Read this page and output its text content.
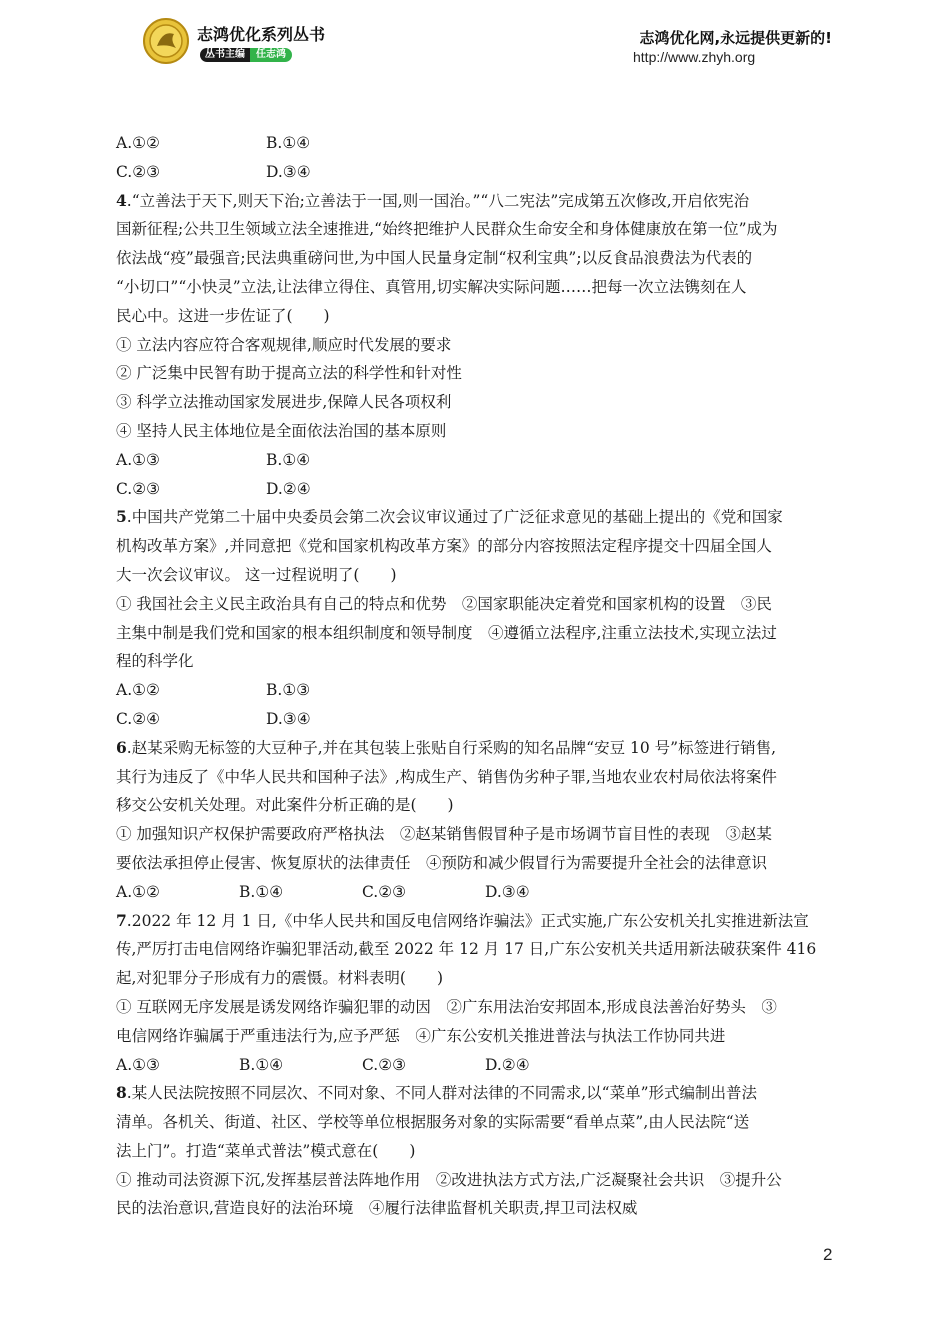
志鸿优化系列丛书
丛书主编	任志鸿
志鸿优化网,永远提供更新的!
http://www.zhyh.org
A.①②	B.①④
C.②③	D.③④

4.“立善法于天下,则天下治;立善法于一国,则一国治。”“八二宪法”完成第五次修改,开启依宪治

国新征程;公共卫生领域立法全速推进,“始终把维护人民群众生命安全和身体健康放在第一位”成为

依法战“疫”最强音;民法典重磅问世,为中国人民量身定制“权利宝典”;以反食品浪费法为代表的

“小切口”“小快灵”立法,让法律立得住、真管用,切实解决实际问题……把每一次立法镌刻在人

民心中。这进一步佐证了(　　)

① 立法内容应符合客观规律,顺应时代发展的要求

② 广泛集中民智有助于提高立法的科学性和针对性

③ 科学立法推动国家发展进步,保障人民各项权利

④ 坚持人民主体地位是全面依法治国的基本原则

A.①③	B.①④
C.②③	D.②④

5.中国共产党第二十届中央委员会第二次会议审议通过了广泛征求意见的基础上提出的《党和国家

机构改革方案》,并同意把《党和国家机构改革方案》的部分内容按照法定程序提交十四届全国人

大一次会议审议。 这一过程说明了(　　)

① 我国社会主义民主政治具有自己的特点和优势　②国家职能决定着党和国家机构的设置　③民

主集中制是我们党和国家的根本组织制度和领导制度　④遵循立法程序,注重立法技术,实现立法过

程的科学化

A.①②	B.①③
C.②④	D.③④

6.赵某采购无标签的大豆种子,并在其包装上张贴自行采购的知名品牌“安豆 10 号”标签进行销售,

其行为违反了《中华人民共和国种子法》,构成生产、销售伪劣种子罪,当地农业农村局依法将案件

移交公安机关处理。对此案件分析正确的是(　　)

① 加强知识产权保护需要政府严格执法　②赵某销售假冒种子是市场调节盲目性的表现　③赵某

要依法承担停止侵害、恢复原状的法律责任　④预防和减少假冒行为需要提升全社会的法律意识

A.①②	B.①④	C.②③	D.③④

7.2022 年 12 月 1 日,《中华人民共和国反电信网络诈骗法》正式实施,广东公安机关扎实推进新法宣

传,严厉打击电信网络诈骗犯罪活动,截至 2022 年 12 月 17 日,广东公安机关共适用新法破获案件 416

起,对犯罪分子形成有力的震慑。材料表明(　　)

① 互联网无序发展是诱发网络诈骗犯罪的动因　②广东用法治安邦固本,形成良法善治好势头　③

电信网络诈骗属于严重违法行为,应予严惩　④广东公安机关推进普法与执法工作协同共进

A.①③	B.①④	C.②③	D.②④

8.某人民法院按照不同层次、不同对象、不同人群对法律的不同需求,以“菜单”形式编制出普法

清单。各机关、街道、社区、学校等单位根据服务对象的实际需要“看单点菜”,由人民法院“送

法上门”。打造“菜单式普法”模式意在(　　)

① 推动司法资源下沉,发挥基层普法阵地作用　②改进执法方式方法,广泛凝聚社会共识　③提升公

民的法治意识,营造良好的法治环境　④履行法律监督机关职责,捍卫司法权威

2
